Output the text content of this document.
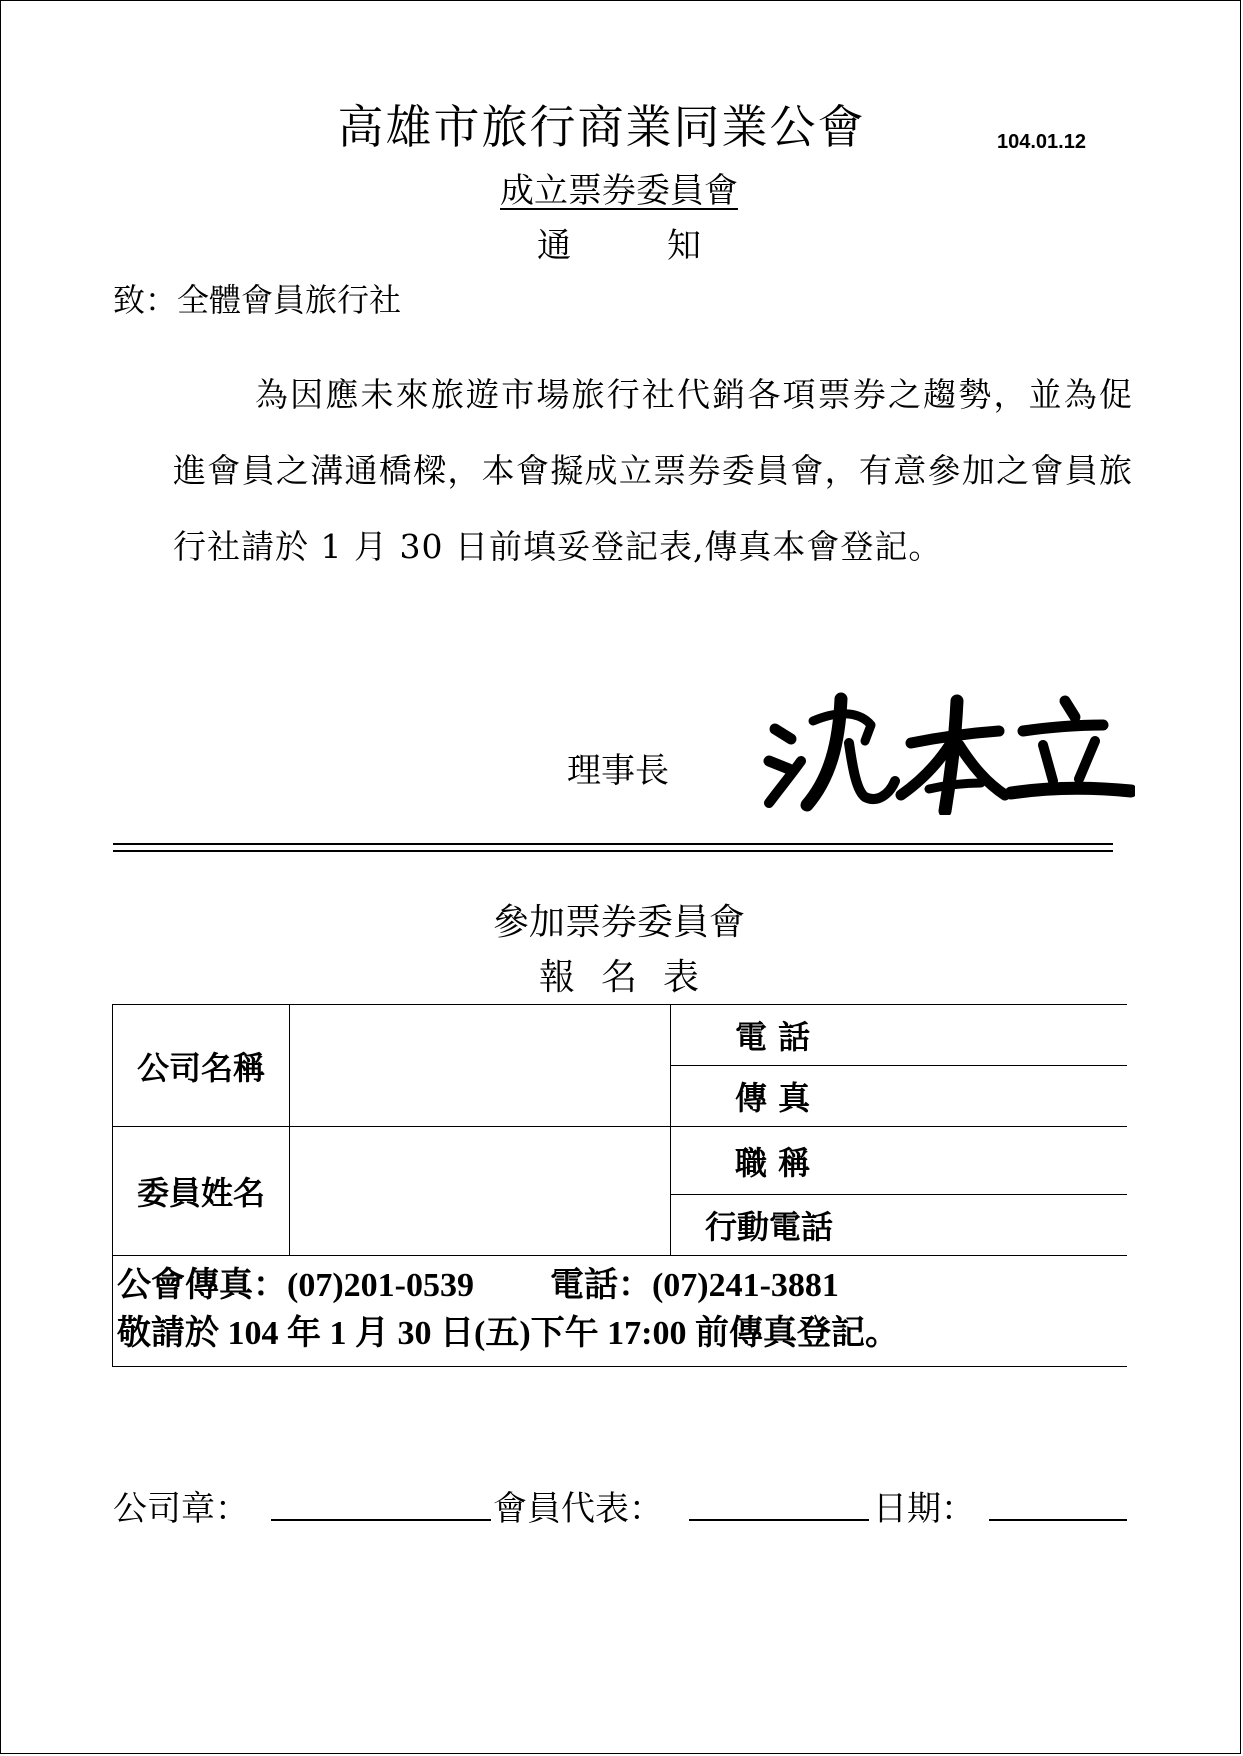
高雄市旅行商業同業公會	104.01.12
成立票券委員會
通知
致：全體會員旅行社
為因應未來旅遊市場旅行社代銷各項票券之趨勢，並為促進會員之溝通橋樑，本會擬成立票券委員會，有意參加之會員旅行社請於 1 月 30 日前填妥登記表,傳真本會登記。
理事長
沈本立
參加票券委員會
報名表
公司名稱		電 話
		傳 真
委員姓名		職 稱
		行動電話
公會傳真：(07)201-0539 電話：(07)241-3881
敬請於 104 年 1 月 30 日(五)下午 17:00 前傳真登記。		
公司章：	會員代表：	日期：
